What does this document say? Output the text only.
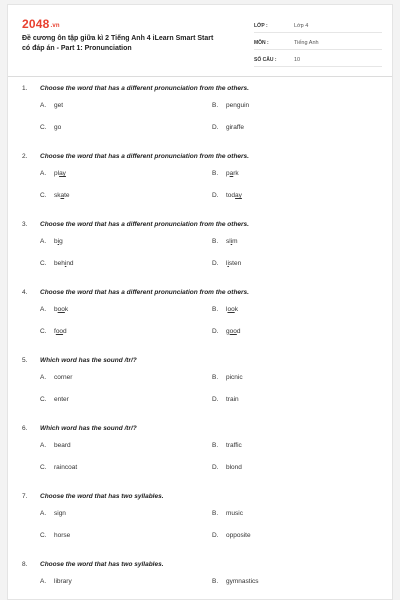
2048.vn
Đề cương ôn tập giữa kì 2 Tiếng Anh 4 iLearn Smart Start
có đáp án - Part 1: Pronunciation
LỚP :	Lớp 4
MÔN :	Tiếng Anh
SỐ CÂU :	10
1. Choose the word that has a different pronunciation from the others.
A. get	B. penguin
C. go	D. giraffe
2. Choose the word that has a different pronunciation from the others.
A. play	B. park
C. skate	D. today
3. Choose the word that has a different pronunciation from the others.
A. big	B. slim
C. behind	D. listen
4. Choose the word that has a different pronunciation from the others.
A. book	B. look
C. food	D. good
5. Which word has the sound /tr/?
A. corner	B. picnic
C. enter	D. train
6. Which word has the sound /tr/?
A. beard	B. traffic
C. raincoat	D. blond
7. Choose the word that has two syllables.
A. sign	B. music
C. horse	D. opposite
8. Choose the word that has two syllables.
A. library	B. gymnastics
